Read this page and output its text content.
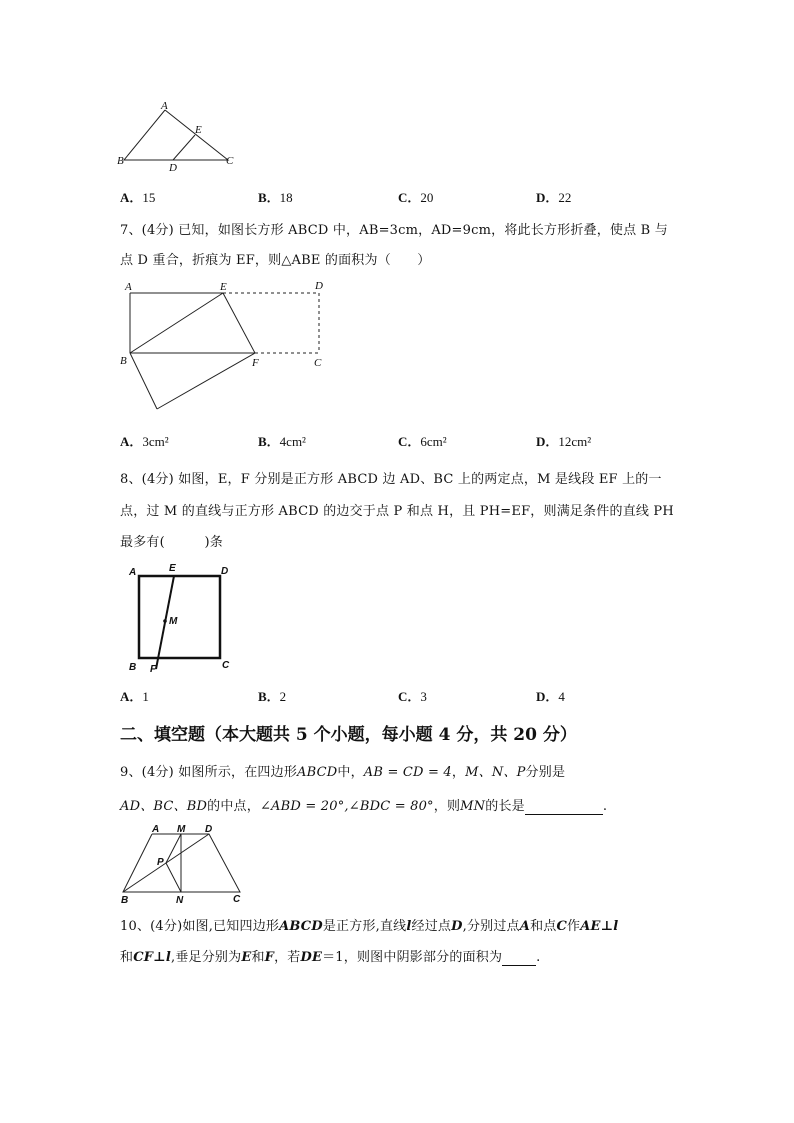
A
E
B
D
C
A．15	B．18	C．20	D．22
7、(4分) 已知，如图长方形 ABCD 中，AB=3cm，AD=9cm，将此长方形折叠，使点 B 与
点 D 重合，折痕为 EF，则△ABE 的面积为（　　）
A	E	D
B	F	C
A．3cm²	B．4cm²	C．6cm²	D．12cm²
8、(4分) 如图，E，F 分别是正方形 ABCD 边 AD、BC 上的两定点，M 是线段 EF 上的一
点，过 M 的直线与正方形 ABCD 的边交于点 P 和点 H，且 PH=EF，则满足条件的直线 PH
最多有(　　　)条
A	E	D
M
B F	C
A．1	B．2	C．3	D．4
二、填空题（本大题共 5 个小题，每小题 4 分，共 20 分）
9、(4分) 如图所示，在四边形ABCD中，AB = CD = 4，M、N、P分别是
AD、BC、BD的中点，∠ABD = 20°,∠BDC = 80°，则MN的长是	.
A M D
P
B	N	C
10、(4分)如图,已知四边形ABCD是正方形,直线l经过点D,分别过点A和点C作AE⊥l
和CF⊥l,垂足分别为E和F，若DE＝1，则图中阴影部分的面积为	.
